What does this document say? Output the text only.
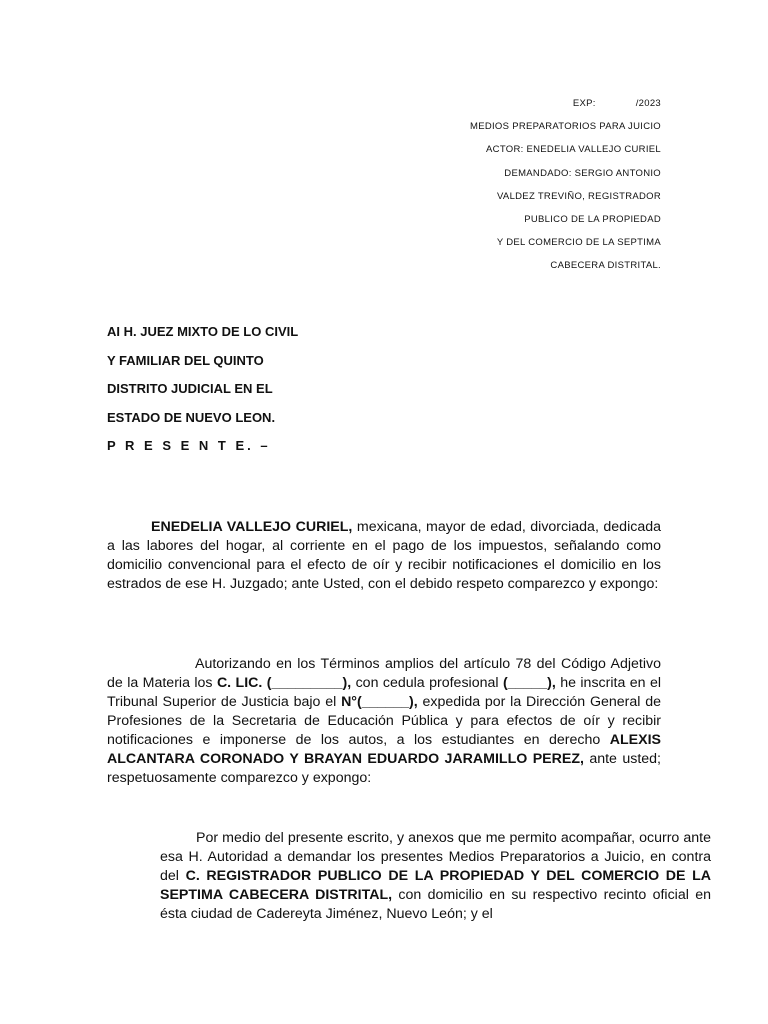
EXP:	/2023
MEDIOS PREPARATORIOS PARA JUICIO
ACTOR: ENEDELIA VALLEJO CURIEL
DEMANDADO: SERGIO ANTONIO
VALDEZ TREVIÑO, REGISTRADOR
PUBLICO DE LA PROPIEDAD
Y DEL COMERCIO DE LA SEPTIMA
CABECERA DISTRITAL.
AI H. JUEZ MIXTO DE LO CIVIL
Y FAMILIAR DEL QUINTO
DISTRITO JUDICIAL EN EL
ESTADO DE NUEVO LEON.
P R E S E N T E. –

ENEDELIA VALLEJO CURIEL, mexicana, mayor de edad, divorciada, dedicada a las labores del hogar, al corriente en el pago de los impuestos, señalando como domicilio convencional para el efecto de oír y recibir notificaciones el domicilio en los estrados de ese H. Juzgado; ante Usted, con el debido respeto comparezco y expongo:

Autorizando en los Términos amplios del artículo 78 del Código Adjetivo de la Materia los C. LIC. (_________), con cedula profesional (_____), he inscrita en el Tribunal Superior de Justicia bajo el N°(______), expedida por la Dirección General de Profesiones de la Secretaria de Educación Pública y para efectos de oír y recibir notificaciones e imponerse de los autos, a los estudiantes en derecho ALEXIS ALCANTARA CORONADO Y BRAYAN EDUARDO JARAMILLO PEREZ, ante usted; respetuosamente comparezco y expongo:

Por medio del presente escrito, y anexos que me permito acompañar, ocurro ante esa H. Autoridad a demandar los presentes Medios Preparatorios a Juicio, en contra del C. REGISTRADOR PUBLICO DE LA PROPIEDAD Y DEL COMERCIO DE LA SEPTIMA CABECERA DISTRITAL, con domicilio en su respectivo recinto oficial en ésta ciudad de Cadereyta Jiménez, Nuevo León; y el
